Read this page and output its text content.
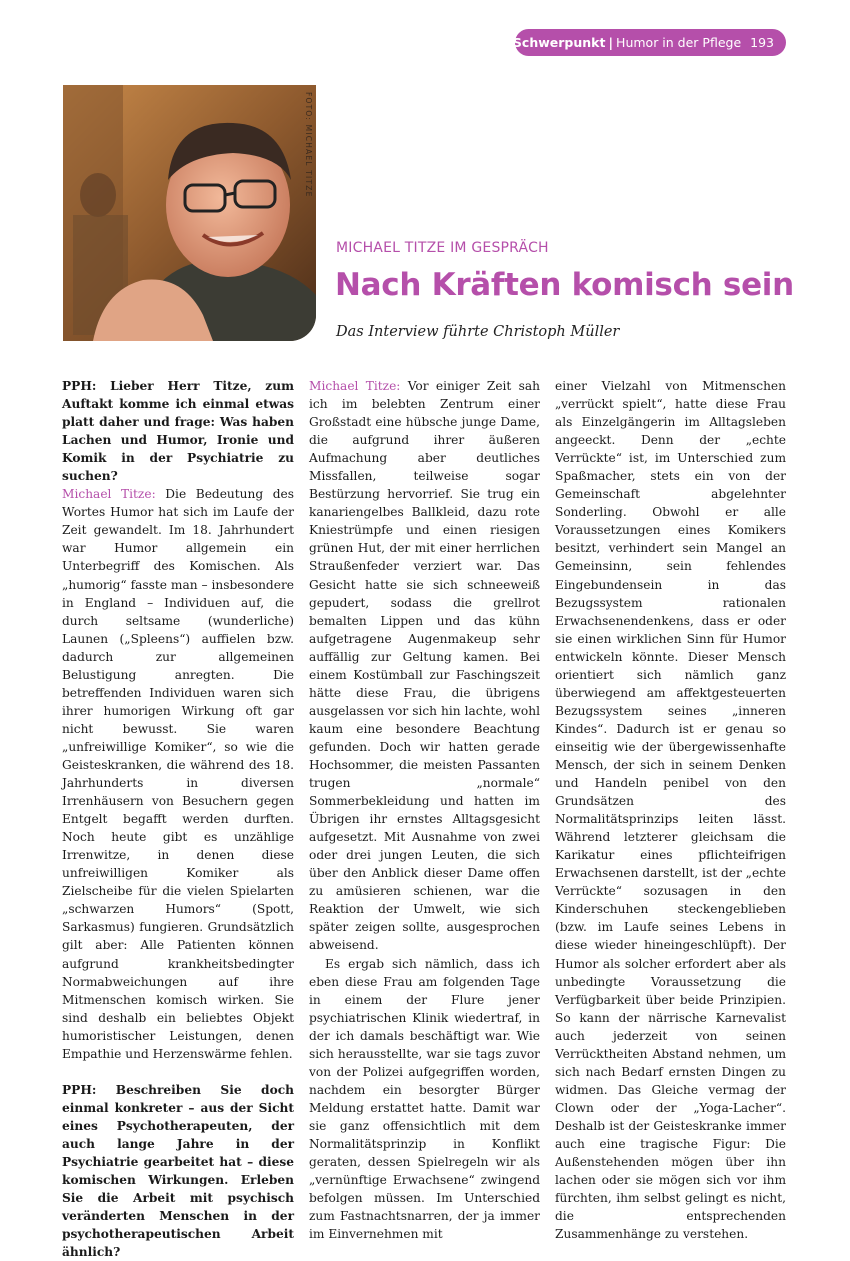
Schwerpunkt | Humor in der Pflege 193
FOTO: MICHAEL TITZE
MICHAEL TITZE IM GESPRÄCH
Nach Kräften komisch sein
Das Interview führte Christoph Müller

PPH: Lieber Herr Titze, zum Auftakt komme ich einmal etwas platt daher und frage: Was haben Lachen und Humor, Ironie und Komik in der Psychiatrie zu suchen?

Michael Titze: Die Bedeutung des Wortes Humor hat sich im Laufe der Zeit gewandelt. Im 18. Jahrhundert war Humor allgemein ein Unterbegriff des Komischen. Als „humorig“ fasste man – insbesondere in England – Individuen auf, die durch seltsame (wunderliche) Launen („Spleens“) auffielen bzw. dadurch zur allgemeinen Belustigung anregten. Die betreffenden Individuen waren sich ihrer humorigen Wirkung oft gar nicht bewusst. Sie waren „unfreiwillige Komiker“, so wie die Geisteskranken, die während des 18. Jahrhunderts in diversen Irrenhäusern von Besuchern gegen Entgelt begafft werden durften. Noch heute gibt es unzählige Irrenwitze, in denen diese unfreiwilligen Komiker als Zielscheibe für die vielen Spielarten „schwarzen Humors“ (Spott, Sarkasmus) fungieren. Grundsätzlich gilt aber: Alle Patienten können aufgrund krankheitsbedingter Normabweichungen auf ihre Mitmenschen komisch wirken. Sie sind deshalb ein beliebtes Objekt humoristischer Leistungen, denen Empathie und Herzenswärme fehlen.

PPH: Beschreiben Sie doch einmal konkreter – aus der Sicht eines Psychotherapeuten, der auch lange Jahre in der Psychiatrie gearbeitet hat – diese komischen Wirkungen. Erleben Sie die Arbeit mit psychisch veränderten Menschen in der psychotherapeutischen Arbeit ähnlich?

Michael Titze: Vor einiger Zeit sah ich im belebten Zentrum einer Großstadt eine hübsche junge Dame, die aufgrund ihrer äußeren Aufmachung aber deutliches Missfallen, teilweise sogar Bestürzung hervorrief. Sie trug ein kanariengelbes Ballkleid, dazu rote Kniestrümpfe und einen riesigen grünen Hut, der mit einer herrlichen Straußenfeder verziert war. Das Gesicht hatte sie sich schneeweiß gepudert, sodass die grellrot bemalten Lippen und das kühn aufgetragene Augenmakeup sehr auffällig zur Geltung kamen. Bei einem Kostümball zur Faschingszeit hätte diese Frau, die übrigens ausgelassen vor sich hin lachte, wohl kaum eine besondere Beachtung gefunden. Doch wir hatten gerade Hochsommer, die meisten Passanten trugen „normale“ Sommerbekleidung und hatten im Übrigen ihr ernstes Alltagsgesicht aufgesetzt. Mit Ausnahme von zwei oder drei jungen Leuten, die sich über den Anblick dieser Dame offen zu amüsieren schienen, war die Reaktion der Umwelt, wie sich später zeigen sollte, ausgesprochen abweisend.

Es ergab sich nämlich, dass ich eben diese Frau am folgenden Tage in einem der Flure jener psychiatrischen Klinik wiedertraf, in der ich damals beschäftigt war. Wie sich herausstellte, war sie tags zuvor von der Polizei aufgegriffen worden, nachdem ein besorgter Bürger Meldung erstattet hatte. Damit war sie ganz offensichtlich mit dem Normalitätsprinzip in Konflikt geraten, dessen Spielregeln wir als „vernünftige Erwachsene“ zwingend befolgen müssen. Im Unterschied zum Fastnachtsnarren, der ja immer im Einvernehmen mit

einer Vielzahl von Mitmenschen „verrückt spielt“, hatte diese Frau als Einzelgängerin im Alltagsleben angeeckt. Denn der „echte Verrückte“ ist, im Unterschied zum Spaßmacher, stets ein von der Gemeinschaft abgelehnter Sonderling. Obwohl er alle Voraussetzungen eines Komikers besitzt, verhindert sein Mangel an Gemeinsinn, sein fehlendes Eingebundensein in das Bezugssystem rationalen Erwachsenendenkens, dass er oder sie einen wirklichen Sinn für Humor entwickeln könnte. Dieser Mensch orientiert sich nämlich ganz überwiegend am affektgesteuerten Bezugssystem seines „inneren Kindes“. Dadurch ist er genau so einseitig wie der übergewissenhafte Mensch, der sich in seinem Denken und Handeln penibel von den Grundsätzen des Normalitätsprinzips leiten lässt. Während letzterer gleichsam die Karikatur eines pflichteifrigen Erwachsenen darstellt, ist der „echte Verrückte“ sozusagen in den Kinderschuhen steckengeblieben (bzw. im Laufe seines Lebens in diese wieder hineingeschlüpft). Der Humor als solcher erfordert aber als unbedingte Voraussetzung die Verfügbarkeit über beide Prinzipien. So kann der närrische Karnevalist auch jederzeit von seinen Verrücktheiten Abstand nehmen, um sich nach Bedarf ernsten Dingen zu widmen. Das Gleiche vermag der Clown oder der „Yoga-Lacher“. Deshalb ist der Geisteskranke immer auch eine tragische Figur: Die Außenstehenden mögen über ihn lachen oder sie mögen sich vor ihm fürchten, ihm selbst gelingt es nicht, die entsprechenden Zusammenhänge zu verstehen.
